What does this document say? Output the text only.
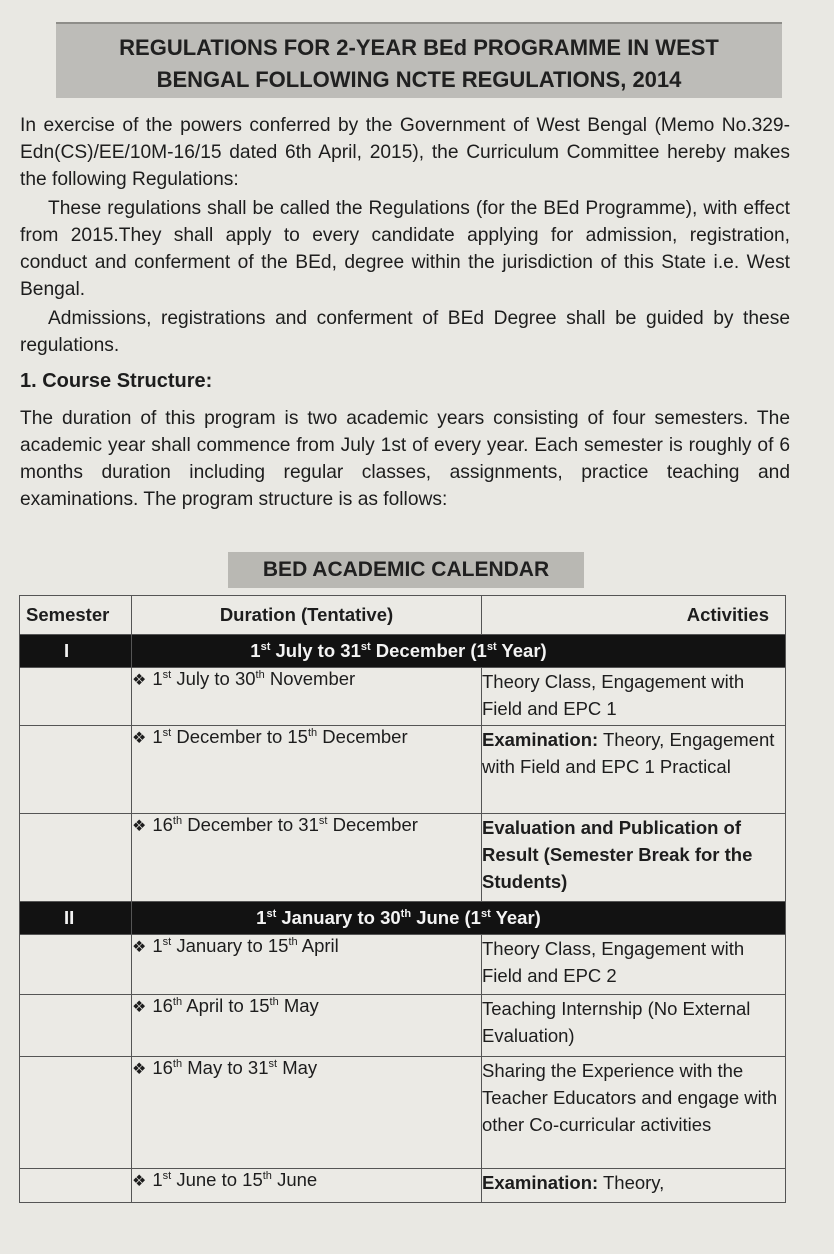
REGULATIONS FOR 2-YEAR BEd PROGRAMME IN WEST
BENGAL FOLLOWING NCTE REGULATIONS, 2014

In exercise of the powers conferred by the Government of West Bengal (Memo No.329-Edn(CS)/EE/10M-16/15 dated 6th April, 2015), the Curriculum Committee hereby makes the following Regulations:

These regulations shall be called the Regulations (for the BEd Programme), with effect from 2015.They shall apply to every candidate applying for admission, registration, conduct and conferment of the BEd, degree within the jurisdiction of this State i.e. West Bengal.

Admissions, registrations and conferment of BEd Degree shall be guided by these regulations.

1. Course Structure:

The duration of this program is two academic years consisting of four semesters. The academic year shall commence from July 1st of every year. Each semester is roughly of 6 months duration including regular classes, assignments, practice teaching and examinations. The program structure is as follows:

BED ACADEMIC CALENDAR
Semester	Duration (Tentative)	Activities
I	1st July to 31st December (1st Year)	
	❖ 1st July to 30th November	Theory Class, Engagement with Field and EPC 1
	❖ 1st December to 15th December	Examination: Theory, Engagement with Field and EPC 1 Practical
	❖ 16th December to 31st December	Evaluation and Publication of Result (Semester Break for the Students)
II	1st January to 30th June (1st Year)	
	❖ 1st January to 15th April	Theory Class, Engagement with Field and EPC 2
	❖ 16th April to 15th May	Teaching Internship (No External Evaluation)
	❖ 16th May to 31st May	Sharing the Experience with the Teacher Educators and engage with other Co-curricular activities
	❖ 1st June to 15th June	Examination: Theory,
